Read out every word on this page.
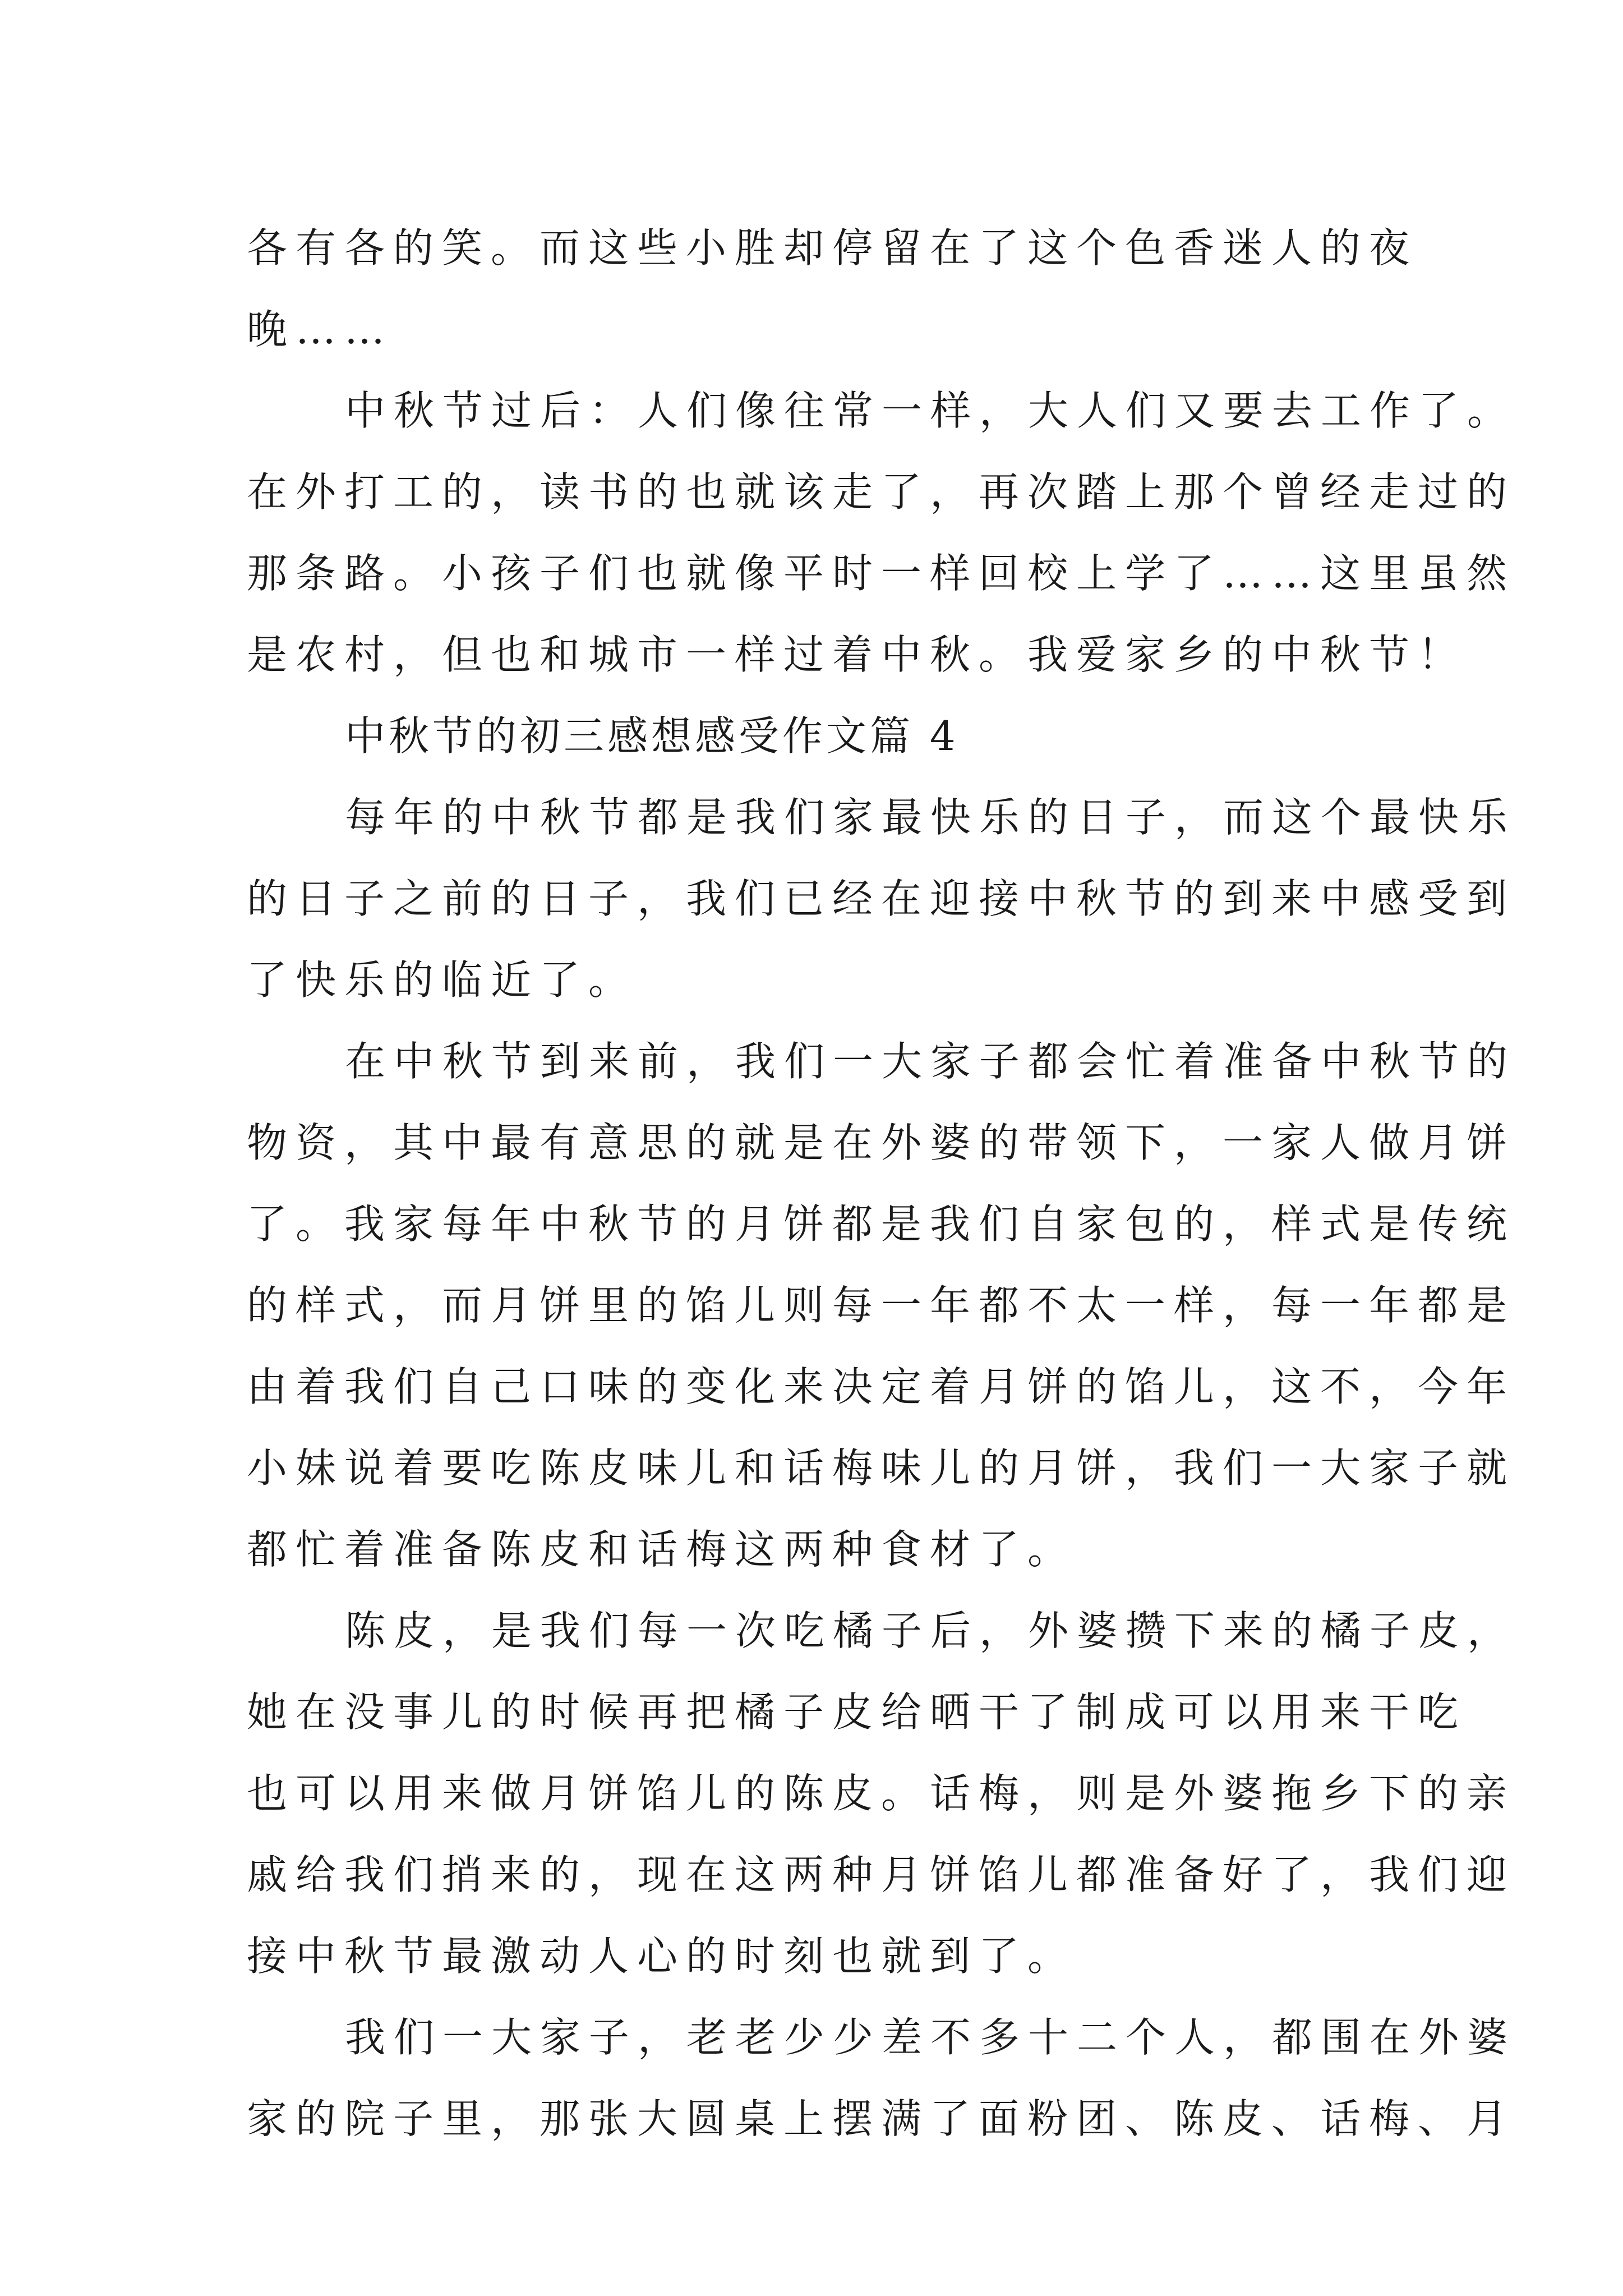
各有各的笑。而这些小胜却停留在了这个色香迷人的夜
晚……
中秋节过后：人们像往常一样，大人们又要去工作了。
在外打工的，读书的也就该走了，再次踏上那个曾经走过的
那条路。小孩子们也就像平时一样回校上学了……这里虽然
是农村，但也和城市一样过着中秋。我爱家乡的中秋节！
中秋节的初三感想感受作文篇 4
每年的中秋节都是我们家最快乐的日子，而这个最快乐
的日子之前的日子，我们已经在迎接中秋节的到来中感受到
了快乐的临近了。
在中秋节到来前，我们一大家子都会忙着准备中秋节的
物资，其中最有意思的就是在外婆的带领下，一家人做月饼
了。我家每年中秋节的月饼都是我们自家包的，样式是传统
的样式，而月饼里的馅儿则每一年都不太一样，每一年都是
由着我们自己口味的变化来决定着月饼的馅儿，这不，今年
小妹说着要吃陈皮味儿和话梅味儿的月饼，我们一大家子就
都忙着准备陈皮和话梅这两种食材了。
陈皮，是我们每一次吃橘子后，外婆攒下来的橘子皮，
她在没事儿的时候再把橘子皮给晒干了制成可以用来干吃
也可以用来做月饼馅儿的陈皮。话梅，则是外婆拖乡下的亲
戚给我们捎来的，现在这两种月饼馅儿都准备好了，我们迎
接中秋节最激动人心的时刻也就到了。
我们一大家子，老老少少差不多十二个人，都围在外婆
家的院子里，那张大圆桌上摆满了面粉团、陈皮、话梅、月
